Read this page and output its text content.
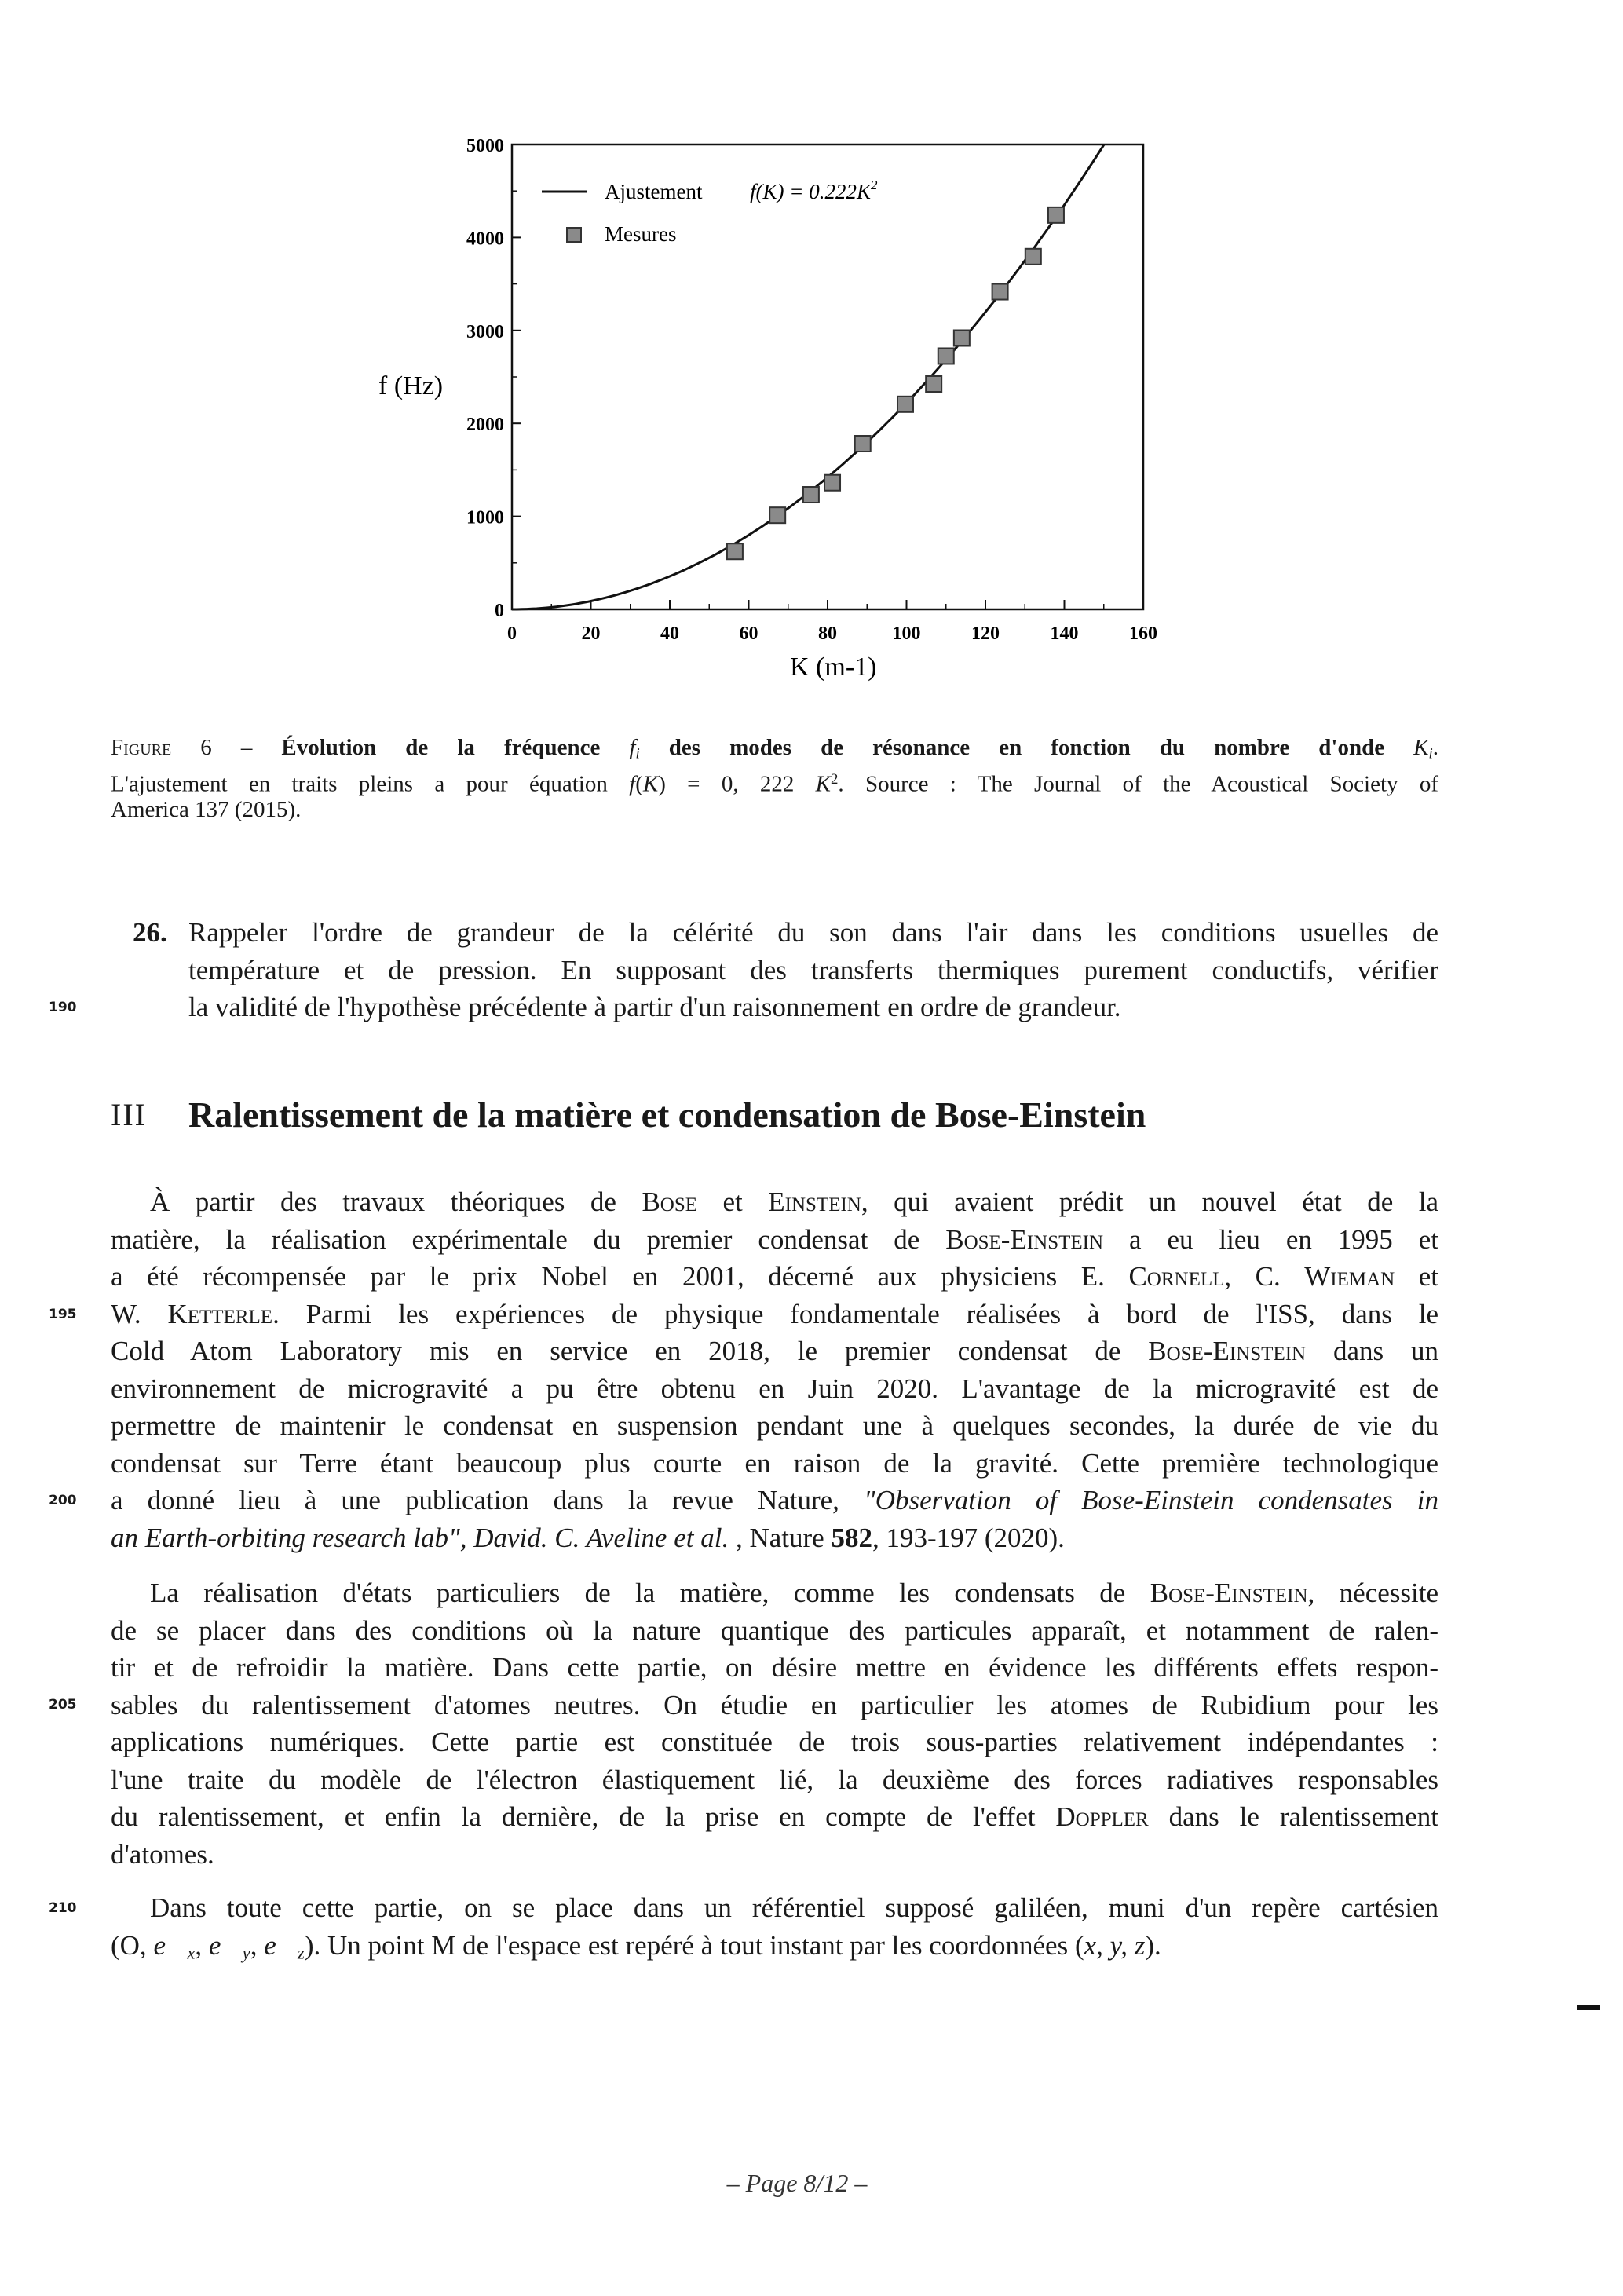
0	20	40	60	80	100	120	140	160
0
1000
2000
3000
4000
5000
Ajustement $f(K) = 0.222K^2$
Mesures
f (Hz)
K (m-1)
Figure 6 – Évolution de la fréquence fi des modes de résonance en fonction du nombre d'onde Ki.
L'ajustement en traits pleins a pour équation f(K) = 0, 222 $K^2$. Source : The Journal of the Acoustical Society of
America 137 (2015).
26. Rappeler l'ordre de grandeur de la célérité du son dans l'air dans les conditions usuelles de
température et de pression. En supposant des transferts thermiques purement conductifs, vérifier
la validité de l'hypothèse précédente à partir d'un raisonnement en ordre de grandeur.
III Ralentissement de la matière et condensation de Bose-Einstein
À partir des travaux théoriques de Bose et Einstein, qui avaient prédit un nouvel état de la
matière, la réalisation expérimentale du premier condensat de Bose-Einstein a eu lieu en 1995 et
a été récompensée par le prix Nobel en 2001, décerné aux physiciens E. Cornell, C. Wieman et
W. Ketterle. Parmi les expériences de physique fondamentale réalisées à bord de l'ISS, dans le
Cold Atom Laboratory mis en service en 2018, le premier condensat de Bose-Einstein dans un
environnement de microgravité a pu être obtenu en Juin 2020. L'avantage de la microgravité est de
permettre de maintenir le condensat en suspension pendant une à quelques secondes, la durée de vie du
condensat sur Terre étant beaucoup plus courte en raison de la gravité. Cette première technologique
a donné lieu à une publication dans la revue Nature, "Observation of Bose-Einstein condensates in
an Earth-orbiting research lab", David. C. Aveline et al. , Nature 582, 193-197 (2020).
La réalisation d'états particuliers de la matière, comme les condensats de Bose-Einstein, nécessite
de se placer dans des conditions où la nature quantique des particules apparaît, et notamment de ralen-
tir et de refroidir la matière. Dans cette partie, on désire mettre en évidence les différents effets respon-
sables du ralentissement d'atomes neutres. On étudie en particulier les atomes de Rubidium pour les
applications numériques. Cette partie est constituée de trois sous-parties relativement indépendantes :
l'une traite du modèle de l'électron élastiquement lié, la deuxième des forces radiatives responsables
du ralentissement, et enfin la dernière, de la prise en compte de l'effet Doppler dans le ralentissement
d'atomes.
Dans toute cette partie, on se place dans un référentiel supposé galiléen, muni d'un repère cartésien
(O, e⃗x, e⃗y, e⃗z). Un point M de l'espace est repéré à tout instant par les coordonnées (x, y, z).
190
195
200
205
210
– Page 8/12 –
